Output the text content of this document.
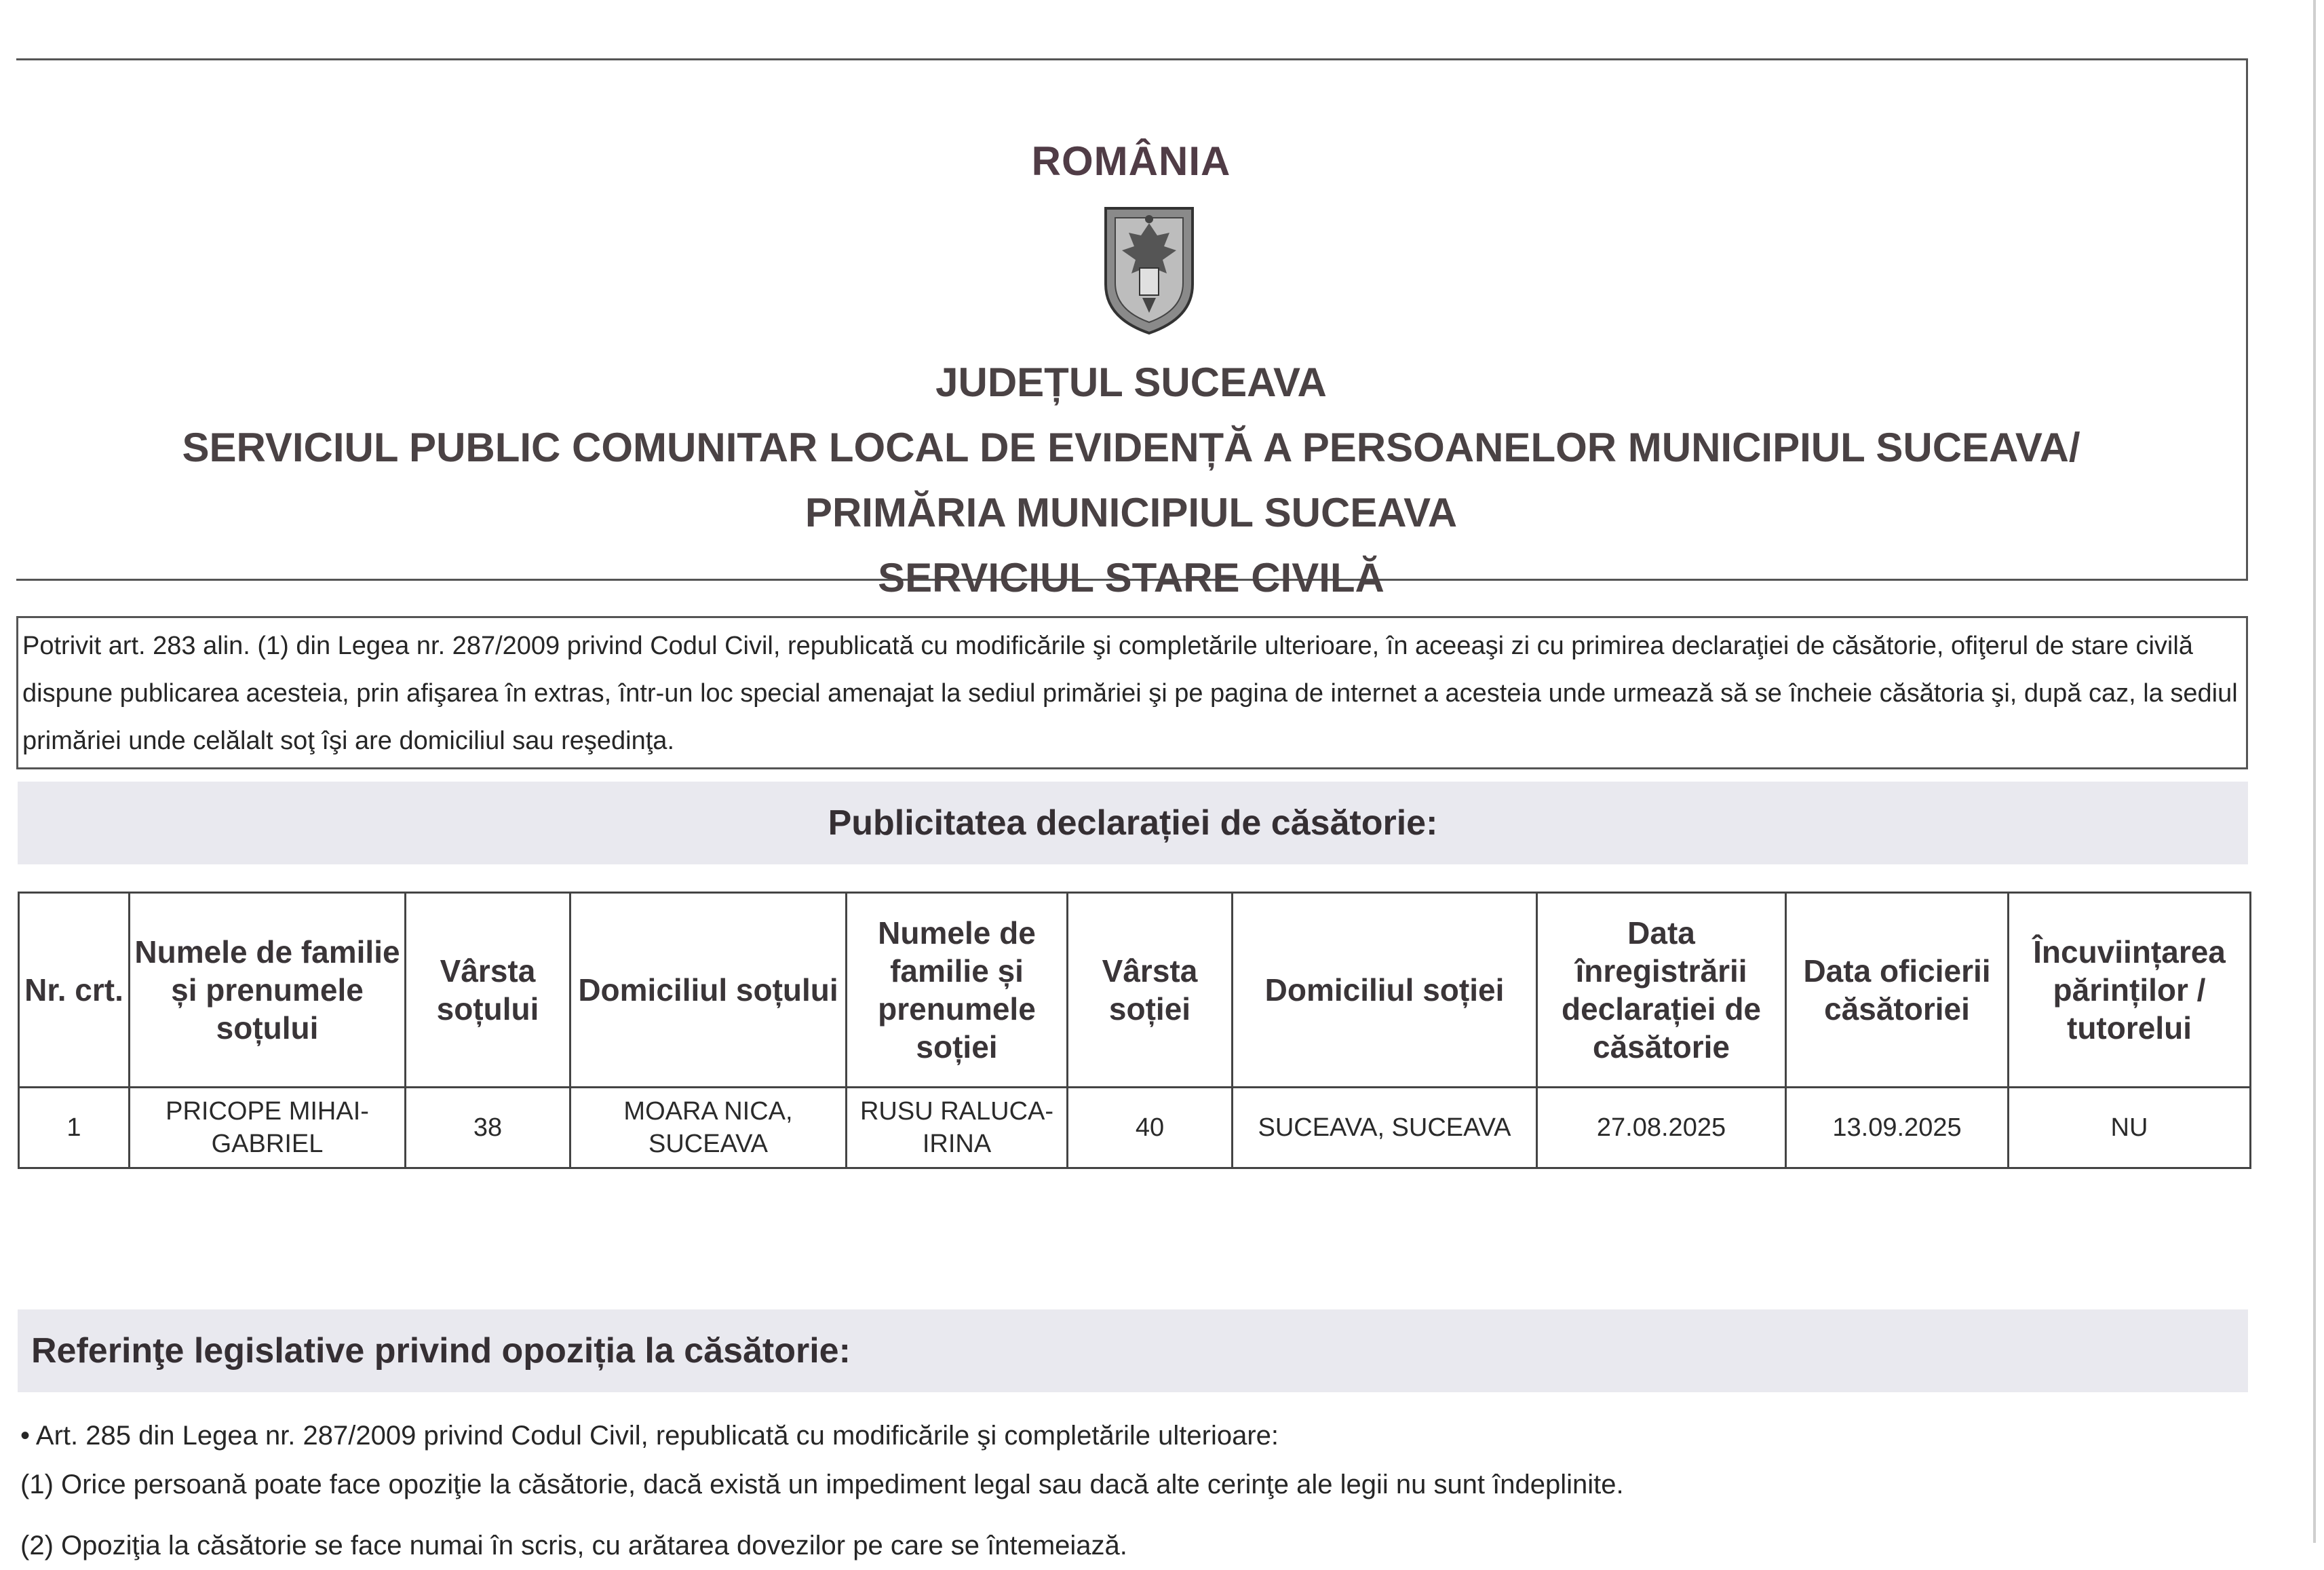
ROMÂNIA
JUDEȚUL SUCEAVA
SERVICIUL PUBLIC COMUNITAR LOCAL DE EVIDENȚĂ A PERSOANELOR MUNICIPIUL SUCEAVA/
PRIMĂRIA MUNICIPIUL SUCEAVA
SERVICIUL STARE CIVILĂ
Potrivit art. 283 alin. (1) din Legea nr. 287/2009 privind Codul Civil, republicată cu modificările şi completările ulterioare, în aceeaşi zi cu primirea declaraţiei de căsătorie, ofiţerul de stare civilă dispune publicarea acesteia, prin afişarea în extras, într-un loc special amenajat la sediul primăriei şi pe pagina de internet a acesteia unde urmează să se încheie căsătoria şi, după caz, la sediul primăriei unde celălalt soţ îşi are domiciliul sau reşedinţa.
Publicitatea declarației de căsătorie:
Nr. crt.	Numele de familie și prenumele soțului	Vârsta soțului	Domiciliul soțului	Numele de familie și prenumele soției	Vârsta soției	Domiciliul soției	Data înregistrării declarației de căsătorie	Data oficierii căsătoriei	Încuviințarea părinților / tutorelui
1	PRICOPE MIHAI-GABRIEL	38	MOARA NICA, SUCEAVA	RUSU RALUCA-IRINA	40	SUCEAVA, SUCEAVA	27.08.2025	13.09.2025	NU
Referinţe legislative privind opoziția la căsătorie:

• Art. 285 din Legea nr. 287/2009 privind Codul Civil, republicată cu modificările şi completările ulterioare:

(1) Orice persoană poate face opoziţie la căsătorie, dacă există un impediment legal sau dacă alte cerinţe ale legii nu sunt îndeplinite.

(2) Opoziţia la căsătorie se face numai în scris, cu arătarea dovezilor pe care se întemeiază.
